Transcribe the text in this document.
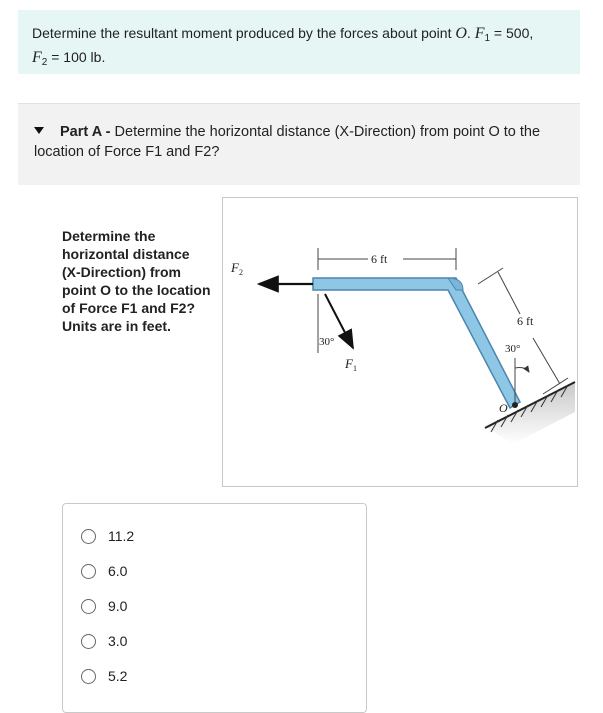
Determine the resultant moment produced by the forces about point O. $F_1 = 500$,
$F_2 = 100$ lb.
Part A - Determine the horizontal distance (X-Direction) from point O to the location of Force F1 and F2?
Determine the horizontal distance (X-Direction) from point O to the location of Force F1 and F2? Units are in feet.
$F_2$
30°
$F_1$
6 ft
6 ft
30°
O
11.2
6.0
9.0
3.0
5.2
